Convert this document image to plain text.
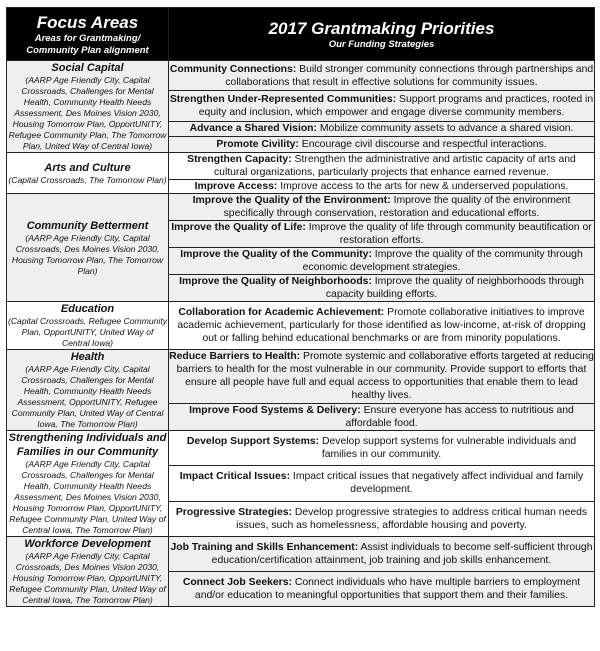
Focus Areas
Areas for Grantmaking/
Community Plan alignment	2017 Grantmaking Priorities
Our Funding Strategies

Social Capital
(AARP Age Friendly City, Capital Crossroads, Challenges for Mental Health, Community Health Needs Assessment, Des Moines Vision 2030, Housing Tomorrow Plan, OpportUNITY, Refugee Community Plan, The Tomorrow Plan, United Way of Central Iowa)	Community Connections: Build stronger community connections through partnerships and collaborations that result in effective solutions for community issues.
	Strengthen Under-Represented Communities: Support programs and practices, rooted in equity and inclusion, which empower and engage diverse community members.
	Advance a Shared Vision: Mobilize community assets to advance a shared vision.
	Promote Civility: Encourage civil discourse and respectful interactions.

Arts and Culture
(Capital Crossroads, The Tomorrow Plan)	Strengthen Capacity: Strengthen the administrative and artistic capacity of arts and cultural organizations, particularly projects that enhance earned revenue.
	Improve Access: Improve access to the arts for new & underserved populations.

Community Betterment
(AARP Age Friendly City, Capital Crossroads, Des Moines Vision 2030, Housing Tomorrow Plan, The Tomorrow Plan)	Improve the Quality of the Environment: Improve the quality of the environment specifically through conservation, restoration and educational efforts.
	Improve the Quality of Life: Improve the quality of life through community beautification or restoration efforts.
	Improve the Quality of the Community: Improve the quality of the community through economic development strategies.
	Improve the Quality of Neighborhoods: Improve the quality of neighborhoods through capacity building efforts.

Education
(Capital Crossroads, Refugee Community Plan, OpportUNITY, United Way of Central Iowa)	Collaboration for Academic Achievement: Promote collaborative initiatives to improve academic achievement, particularly for those identified as low-income, at-risk of dropping out or falling behind educational benchmarks or are from minority populations.

Health
(AARP Age Friendly City, Capital Crossroads, Challenges for Mental Health, Community Health Needs Assessment, OpportUNITY, Refugee Community Plan, United Way of Central Iowa, The Tomorrow Plan)	Reduce Barriers to Health: Promote systemic and collaborative efforts targeted at reducing barriers to health for the most vulnerable in our community. Provide support to efforts that ensure all people have full and equal access to opportunities that enable them to lead healthy lives.
	Improve Food Systems & Delivery: Ensure everyone has access to nutritious and affordable food.

Strengthening Individuals and Families in our Community
(AARP Age Friendly City, Capital Crossroads, Challenges for Mental Health, Community Health Needs Assessment, Des Moines Vision 2030, Housing Tomorrow Plan, OpportUNITY, Refugee Community Plan, United Way of Central Iowa, The Tomorrow Plan)	Develop Support Systems: Develop support systems for vulnerable individuals and families in our community.
	Impact Critical Issues: Impact critical issues that negatively affect individual and family development.
	Progressive Strategies: Develop progressive strategies to address critical human needs issues, such as homelessness, affordable housing and poverty.

Workforce Development
(AARP Age Friendly City, Capital Crossroads, Des Moines Vision 2030, Housing Tomorrow Plan, OpportUNITY, Refugee Community Plan, United Way of Central Iowa, The Tomorrow Plan)	Job Training and Skills Enhancement: Assist individuals to become self-sufficient through education/certification attainment, job training and job skills enhancement.
	Connect Job Seekers: Connect individuals who have multiple barriers to employment and/or education to meaningful opportunities that support them and their families.
